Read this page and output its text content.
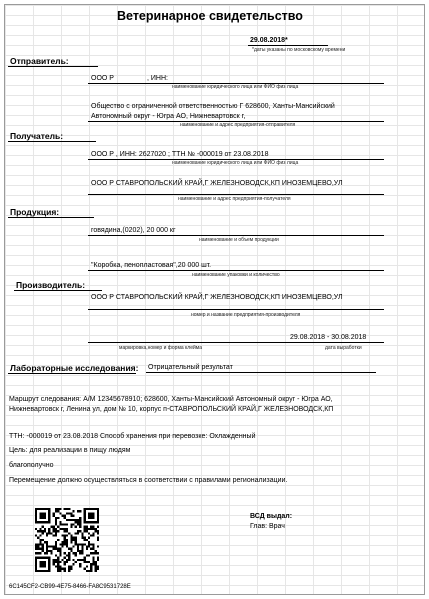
Ветеринарное свидетельство
29.08.2018*
*даты указаны по московскому времени
Отправитель:
ООО Р	, ИНН:
наименование юридического лица или ФИО физ лица
Общество с ограниченной ответственностью Г 628600, Ханты-Мансийский
Автономный округ - Югра АО, Нижневартовск г,
наименование и адрес предприятия-отправителя
Получатель:
ООО Р , ИНН: 2627020 ; ТТН № -000019 от 23.08.2018
наименование юридического лица или ФИО физ лица
ООО Р СТАВРОПОЛЬСКИЙ КРАЙ,Г ЖЕЛЕЗНОВОДСК,КП ИНОЗЕМЦЕВО,УЛ
наименование и адрес предприятия-получателя
Продукция:
говядина,(0202), 20 000 кг
наименование и объем продукции
"Коробка, пенопластовая",20 000 шт.
наименование упаковки и количество
Производитель:
ООО Р СТАВРОПОЛЬСКИЙ КРАЙ,Г ЖЕЛЕЗНОВОДСК,КП ИНОЗЕМЦЕВО,УЛ
номер и название предприятия-производителя
29.08.2018 - 30.08.2018
маркировка,номер и форма клейма	дата выработки
Лабораторные исследования: Отрицательный результат
Маршрут следования: А/М 12345678910; 628600, Ханты-Мансийский Автономный округ - Югра АО,
Нижневартовск г, Ленина ул, дом № 10, корпус п-СТАВРОПОЛЬСКИЙ КРАЙ,Г ЖЕЛЕЗНОВОДСК,КП
ТТН: -000019 от 23.08.2018 Способ хранения при перевозке: Охлажденный
Цель: для реализации в пищу людям
благополучно
Перемещение должно осуществляться в соответствии с правилами регионализации.
ВСД выдал:
Глав: Врач
6C145CF2-CB99-4E75-8466-FA8C9531728E
